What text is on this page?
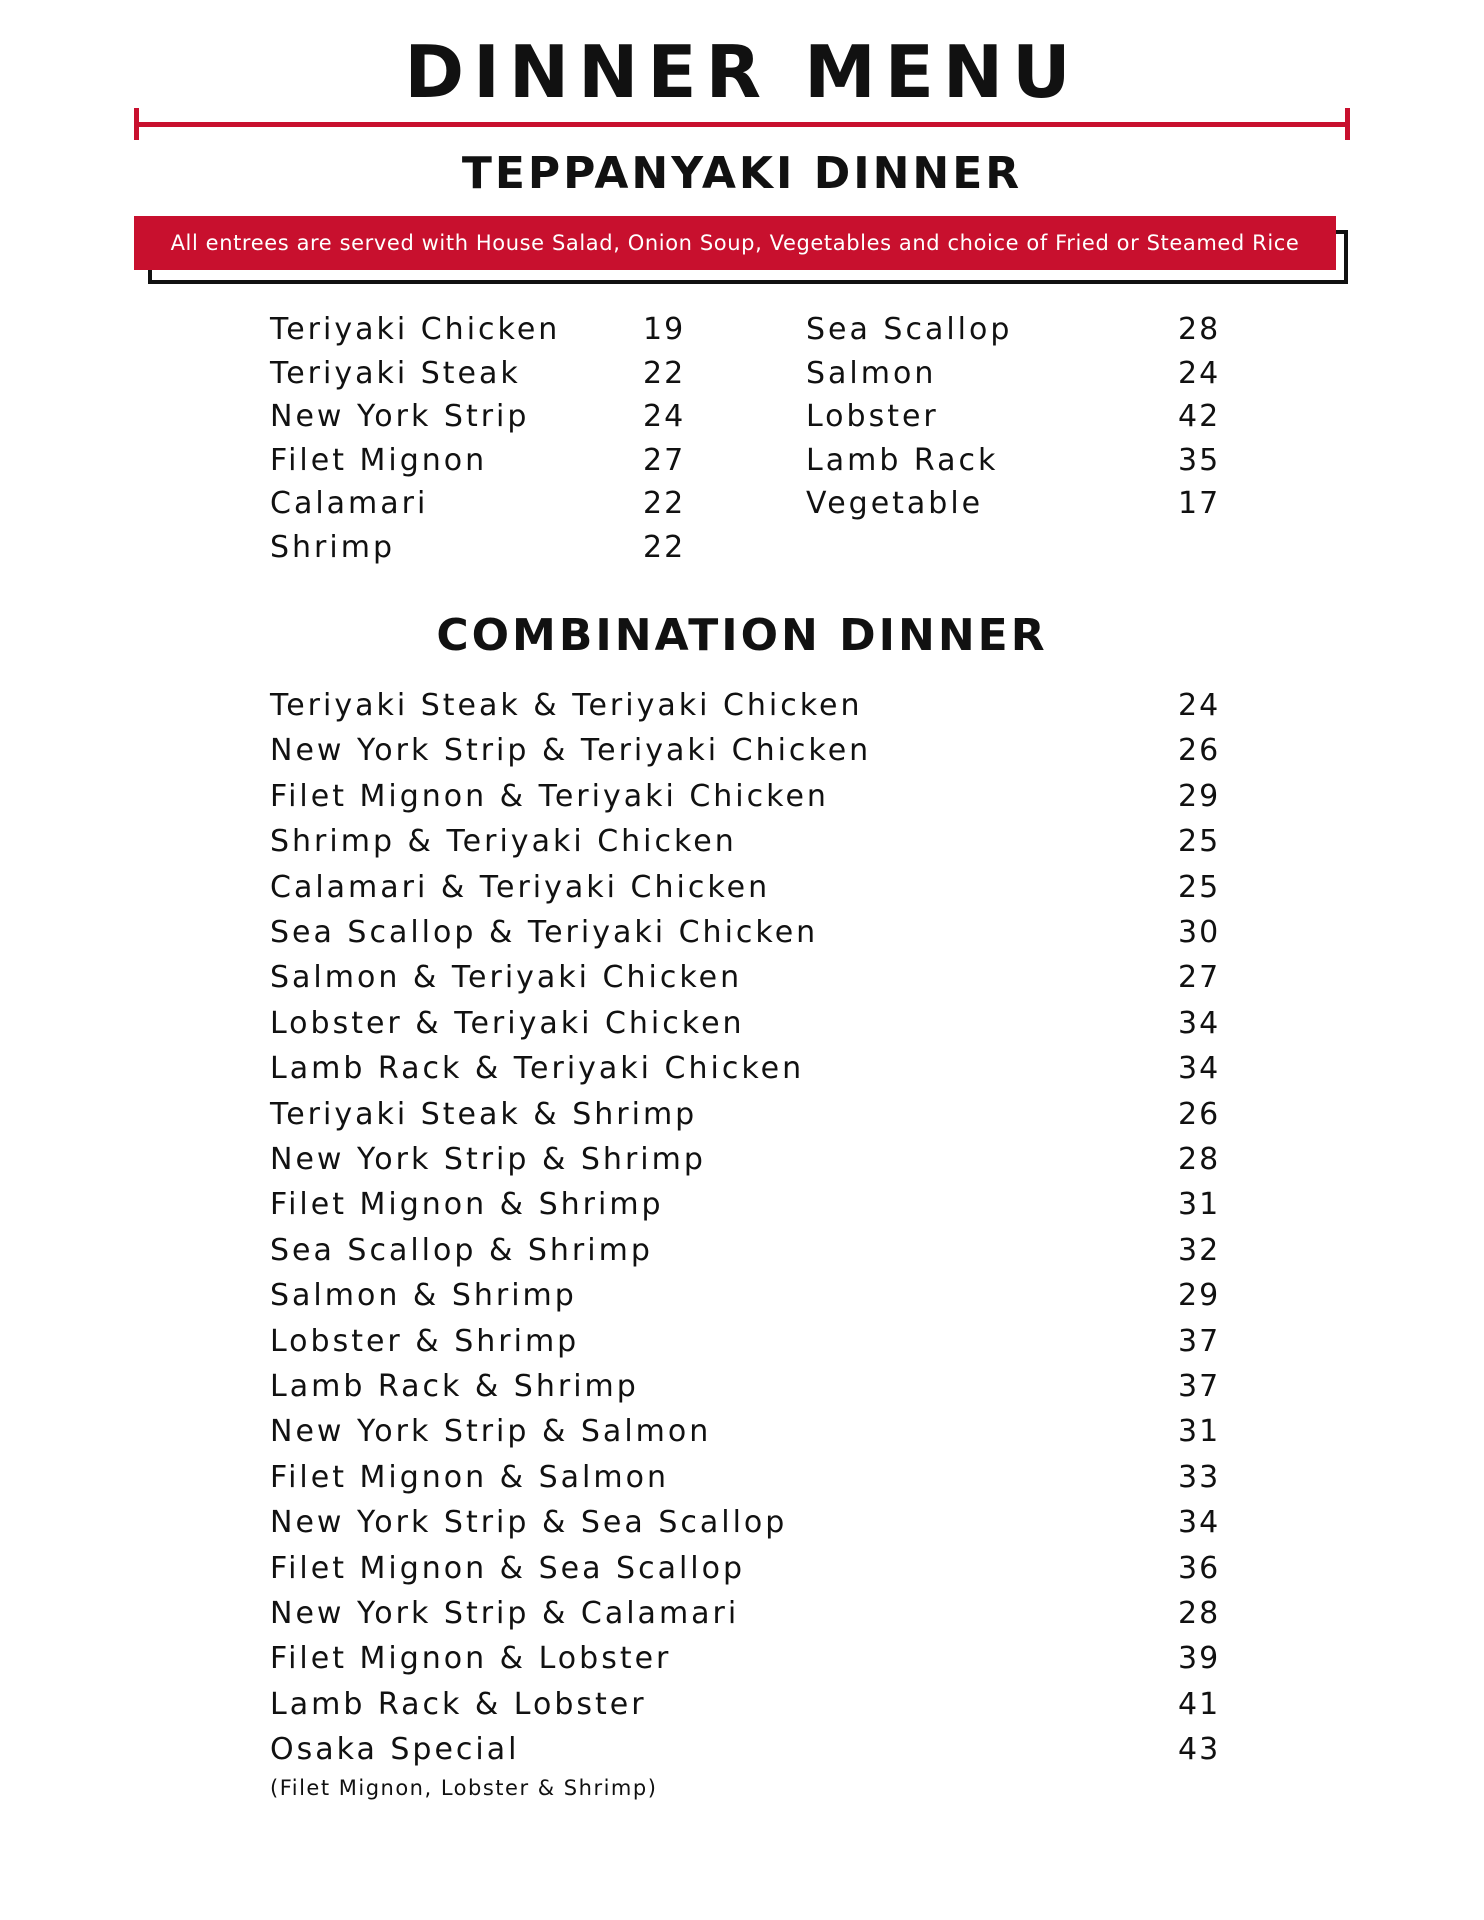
DINNER MENU
TEPPANYAKI DINNER
All entrees are served with House Salad, Onion Soup, Vegetables and choice of Fried or Steamed Rice
Teriyaki Chicken	19
Teriyaki Steak	22
New York Strip	24
Filet Mignon	27
Calamari	22
Shrimp	22
Sea Scallop	28
Salmon	24
Lobster	42
Lamb Rack	35
Vegetable	17
COMBINATION DINNER
Teriyaki Steak & Teriyaki Chicken	24
New York Strip & Teriyaki Chicken	26
Filet Mignon & Teriyaki Chicken	29
Shrimp & Teriyaki Chicken	25
Calamari & Teriyaki Chicken	25
Sea Scallop & Teriyaki Chicken	30
Salmon & Teriyaki Chicken	27
Lobster & Teriyaki Chicken	34
Lamb Rack & Teriyaki Chicken	34
Teriyaki Steak & Shrimp	26
New York Strip & Shrimp	28
Filet Mignon & Shrimp	31
Sea Scallop & Shrimp	32
Salmon & Shrimp	29
Lobster & Shrimp	37
Lamb Rack & Shrimp	37
New York Strip & Salmon	31
Filet Mignon & Salmon	33
New York Strip & Sea Scallop	34
Filet Mignon & Sea Scallop	36
New York Strip & Calamari	28
Filet Mignon & Lobster	39
Lamb Rack & Lobster	41
Osaka Special	43
(Filet Mignon, Lobster & Shrimp)
